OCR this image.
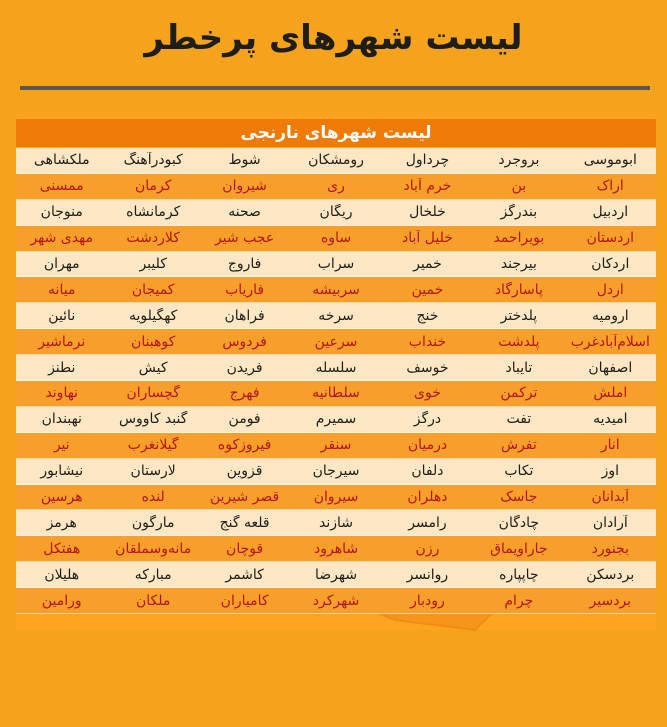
لیست شهرهای پرخطر
لیست شهرهای نارنجی
ابوموسی
بروجرد
چرداول
رومشکان
شوط
کبودرآهنگ
ملکشاهی
اراک
بن
خرم آباد
ری
شیروان
کرمان
ممسنی
اردبیل
بندرگز
خلخال
ریگان
صحنه
کرمانشاه
منوجان
اردستان
بویراحمد
خلیل آباد
ساوه
عجب شیر
کلاردشت
مهدی شهر
اردکان
بیرجند
خمیر
سراب
فاروج
کلیبر
مهران
اردل
پاسارگاد
خمین
سربیشه
فاریاب
کمیجان
میانه
ارومیه
پلدختر
خنج
سرخه
فراهان
کهگیلویه
نائین
اسلام‌آبادغرب
پلدشت
خنداب
سرعین
فردوس
کوهبنان
نرماشیر
اصفهان
تایباد
خوسف
سلسله
فریدن
کیش
نطنز
املش
ترکمن
خوی
سلطانیه
فهرج
گچساران
نهاوند
امیدیه
تفت
درگز
سمیرم
فومن
گنبد کاووس
نهبندان
انار
تفرش
درمیان
سنقر
فیروزکوه
گیلانغرب
نیر
اوز
تکاب
دلفان
سیرجان
قزوین
لارستان
نیشابور
آبدانان
جاسک
دهلران
سیروان
قصر شیرین
لنده
هرسین
آرادان
چادگان
رامسر
شازند
قلعه گنج
مارگون
هرمز
بجنورد
جاراویماق
رزن
شاهرود
قوچان
مانه‌وسملقان
هفتکل
بردسکن
چاپپاره
روانسر
شهرضا
کاشمر
مبارکه
هلیلان
بردسیر
چرام
رودبار
شهرکرد
کامیاران
ملکان
ورامین
